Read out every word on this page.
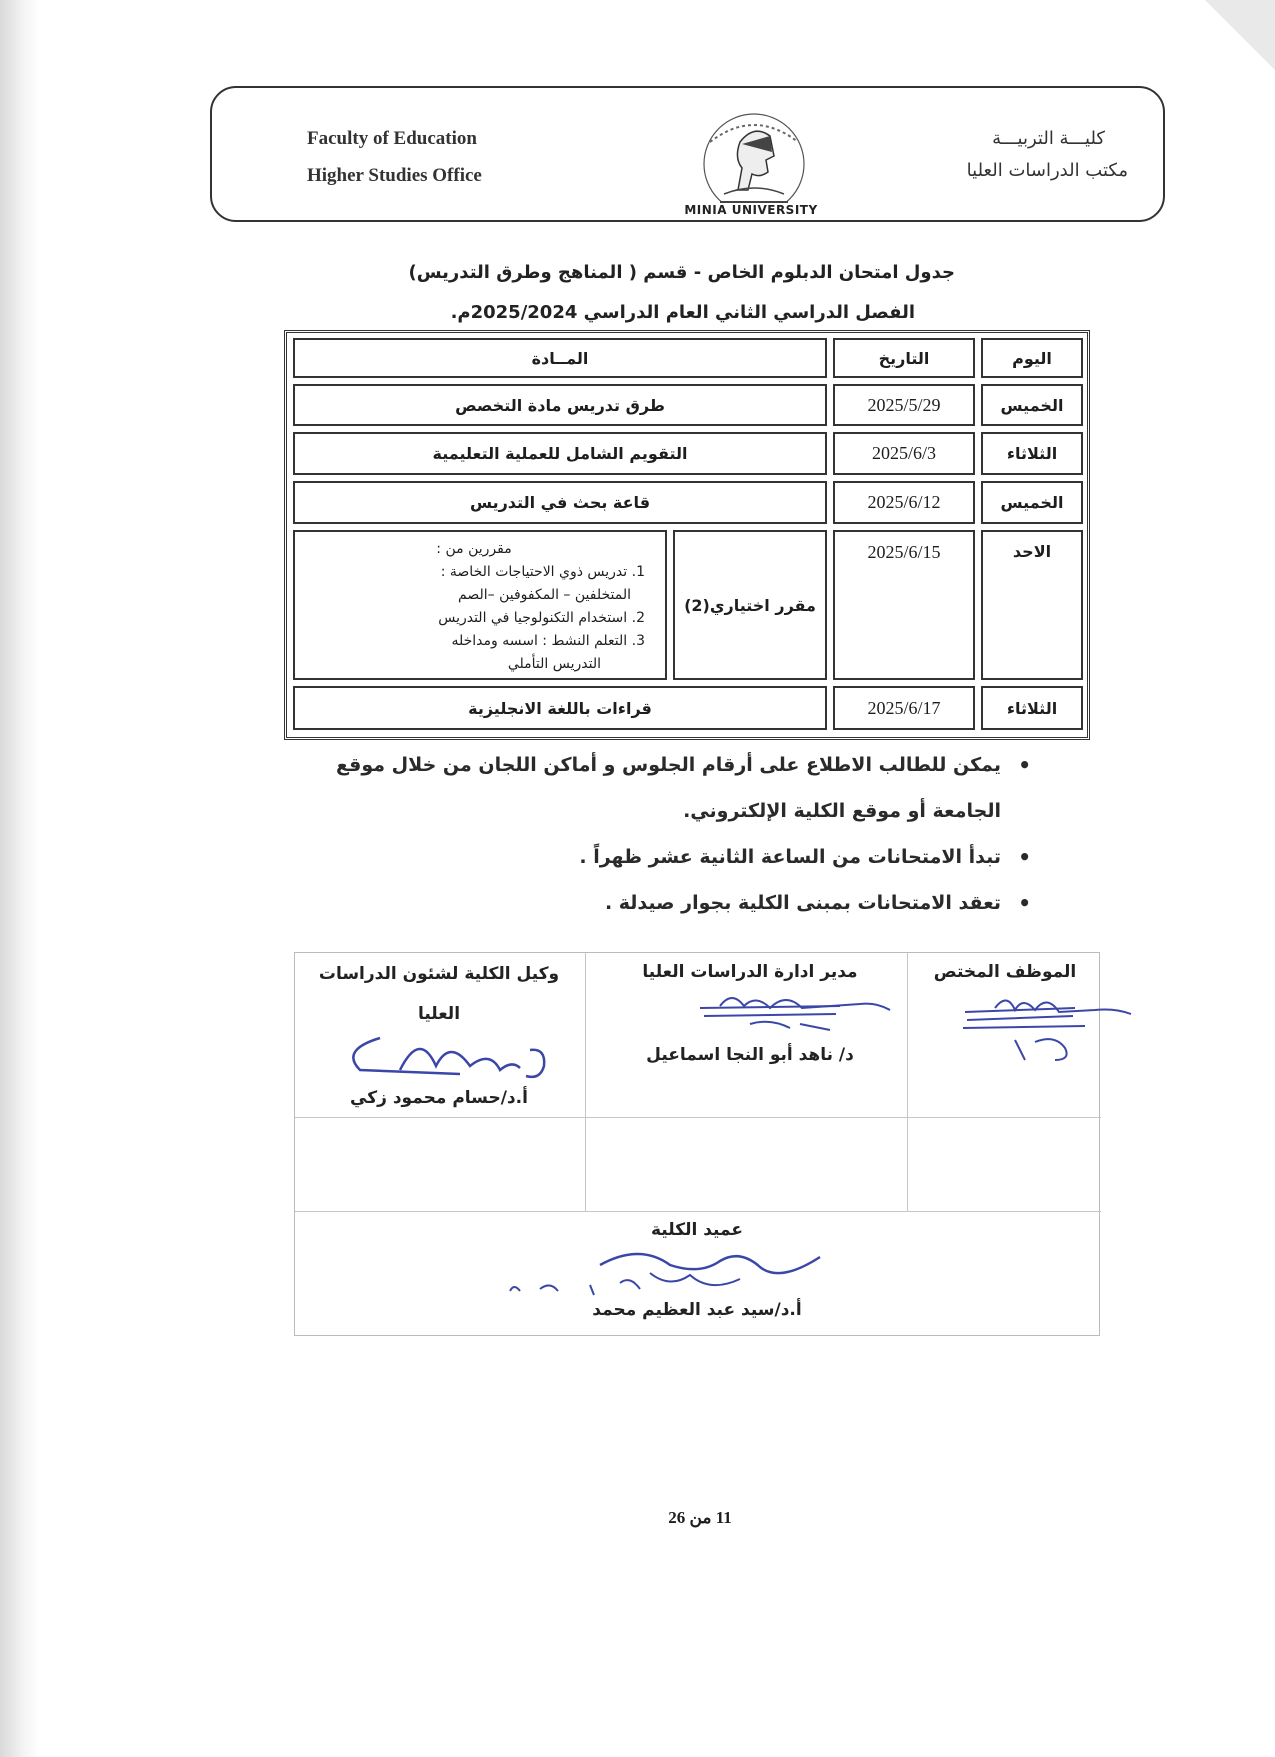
Faculty of Education
Higher Studies Office
كليـــة التربيـــة
مكتب الدراسات العليا
MINIA UNIVERSITY
جدول امتحان الدبلوم الخاص - قسم ( المناهج وطرق التدريس)
الفصل الدراسي الثاني العام الدراسي 2025/2024م.
اليوم
التاريخ
المــادة
الخميس
2025/5/29
طرق تدريس مادة التخصص
الثلاثاء
2025/6/3
التقويم الشامل للعملية التعليمية
الخميس
2025/6/12
قاعة بحث في التدريس
الاحد
2025/6/15
مقرر اختياري(2)
مقررين من :
1. تدريس ذوي الاحتياجات الخاصة :
المتخلفين – المكفوفين –الصم
2. استخدام التكنولوجيا في التدريس
3. التعلم النشط : اسسه ومداخله
التدريس التأملي
الثلاثاء
2025/6/17
قراءات باللغة الانجليزية
• يمكن للطالب الاطلاع على أرقام الجلوس و أماكن اللجان من خلال موقع الجامعة أو موقع الكلية الإلكتروني.
• تبدأ الامتحانات من الساعة الثانية عشر ظهراً .
• تعقد الامتحانات بمبنى الكلية بجوار صيدلة .
الموظف المختص
مدير ادارة الدراسات العليا
د/ ناهد أبو النجا اسماعيل
وكيل الكلية لشئون الدراسات
العليا
أ.د/حسام محمود زكي
عميد الكلية
أ.د/سيد عبد العظيم محمد
11 من 26
